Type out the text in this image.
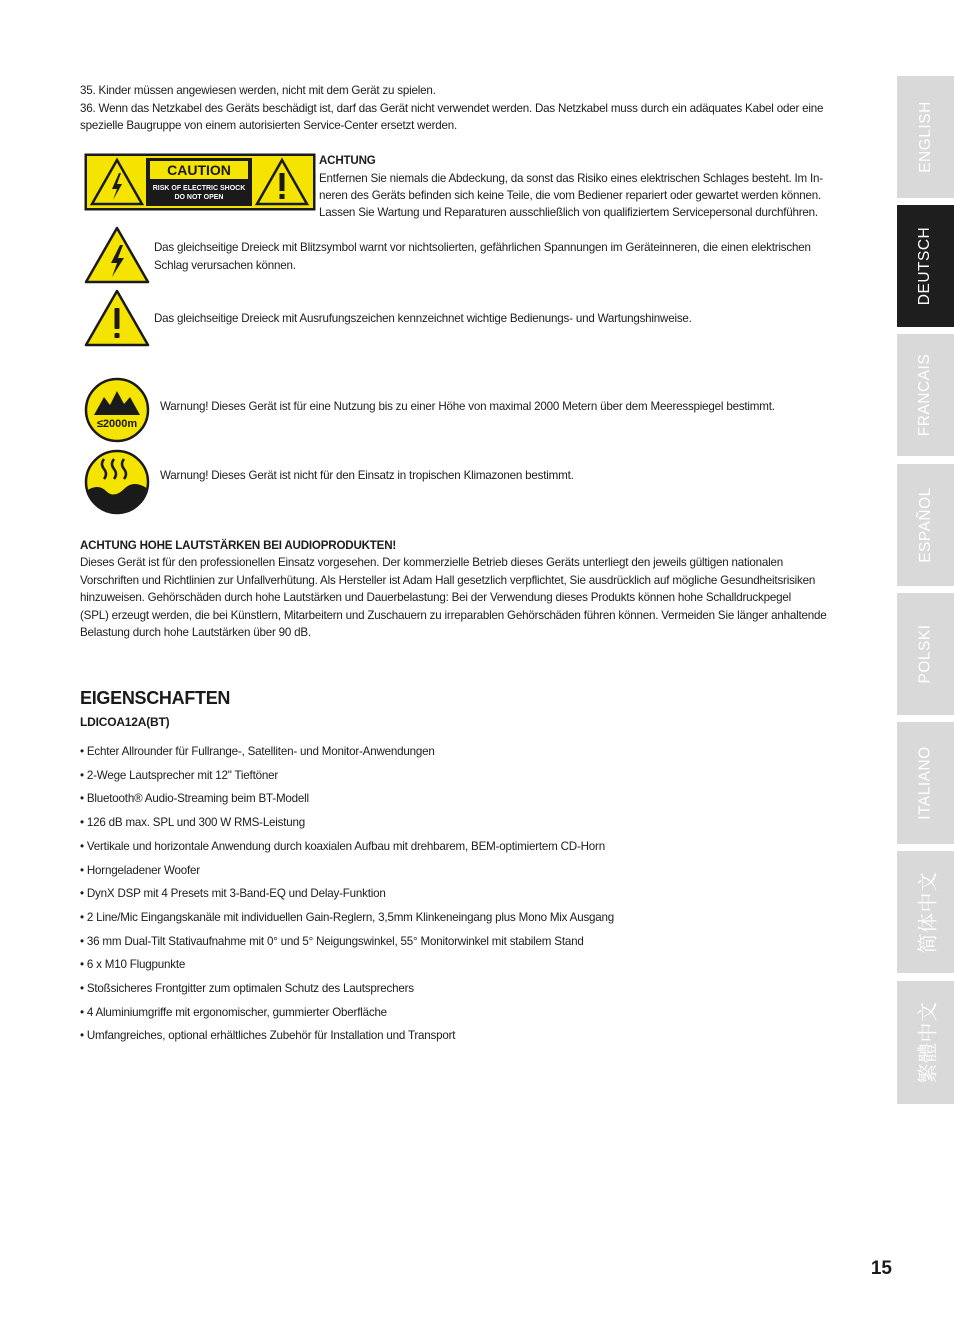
35. Kinder müssen angewiesen werden, nicht mit dem Gerät zu spielen.
36. Wenn das Netzkabel des Geräts beschädigt ist, darf das Gerät nicht verwendet werden. Das Netzkabel muss durch ein adäquates Kabel oder eine
spezielle Baugruppe von einem autorisierten Service-Center ersetzt werden.
CAUTION
RISK OF ELECTRIC SHOCK
DO NOT OPEN
ACHTUNG
Entfernen Sie niemals die Abdeckung, da sonst das Risiko eines elektrischen Schlages besteht. Im In-
neren des Geräts befinden sich keine Teile, die vom Bediener repariert oder gewartet werden können.
Lassen Sie Wartung und Reparaturen ausschließlich von qualifiziertem Servicepersonal durchführen.
Das gleichseitige Dreieck mit Blitzsymbol warnt vor nichtsolierten, gefährlichen Spannungen im Geräteinneren, die einen elektrischen
Schlag verursachen können.
Das gleichseitige Dreieck mit Ausrufungszeichen kennzeichnet wichtige Bedienungs- und Wartungshinweise.
≤2000m
Warnung! Dieses Gerät ist für eine Nutzung bis zu einer Höhe von maximal 2000 Metern über dem Meeresspiegel bestimmt.
Warnung! Dieses Gerät ist nicht für den Einsatz in tropischen Klimazonen bestimmt.
ACHTUNG HOHE LAUTSTÄRKEN BEI AUDIOPRODUKTEN!
Dieses Gerät ist für den professionellen Einsatz vorgesehen. Der kommerzielle Betrieb dieses Geräts unterliegt den jeweils gültigen nationalen
Vorschriften und Richtlinien zur Unfallverhütung. Als Hersteller ist Adam Hall gesetzlich verpflichtet, Sie ausdrücklich auf mögliche Gesundheitsrisiken
hinzuweisen. Gehörschäden durch hohe Lautstärken und Dauerbelastung: Bei der Verwendung dieses Produkts können hohe Schalldruckpegel
(SPL) erzeugt werden, die bei Künstlern, Mitarbeitern und Zuschauern zu irreparablen Gehörschäden führen können. Vermeiden Sie länger anhaltende
Belastung durch hohe Lautstärken über 90 dB.
EIGENSCHAFTEN
LDICOA12A(BT)
• Echter Allrounder für Fullrange-, Satelliten- und Monitor-Anwendungen
• 2-Wege Lautsprecher mit 12" Tieftöner
• Bluetooth® Audio-Streaming beim BT-Modell
• 126 dB max. SPL und 300 W RMS-Leistung
• Vertikale und horizontale Anwendung durch koaxialen Aufbau mit drehbarem, BEM-optimiertem CD-Horn
• Horngeladener Woofer
• DynX DSP mit 4 Presets mit 3-Band-EQ und Delay-Funktion
• 2 Line/Mic Eingangskanäle mit individuellen Gain-Reglern, 3,5mm Klinkeneingang plus Mono Mix Ausgang
• 36 mm Dual-Tilt Stativaufnahme mit 0° und 5° Neigungswinkel, 55° Monitorwinkel mit stabilem Stand
• 6 x M10 Flugpunkte
• Stoßsicheres Frontgitter zum optimalen Schutz des Lautsprechers
• 4 Aluminiumgriffe mit ergonomischer, gummierter Oberfläche
• Umfangreiches, optional erhältliches Zubehör für Installation und Transport
ENGLISH
DEUTSCH
FRANCAIS
ESPAÑOL
POLSKI
ITALIANO
简体中文
繁體中文
15
